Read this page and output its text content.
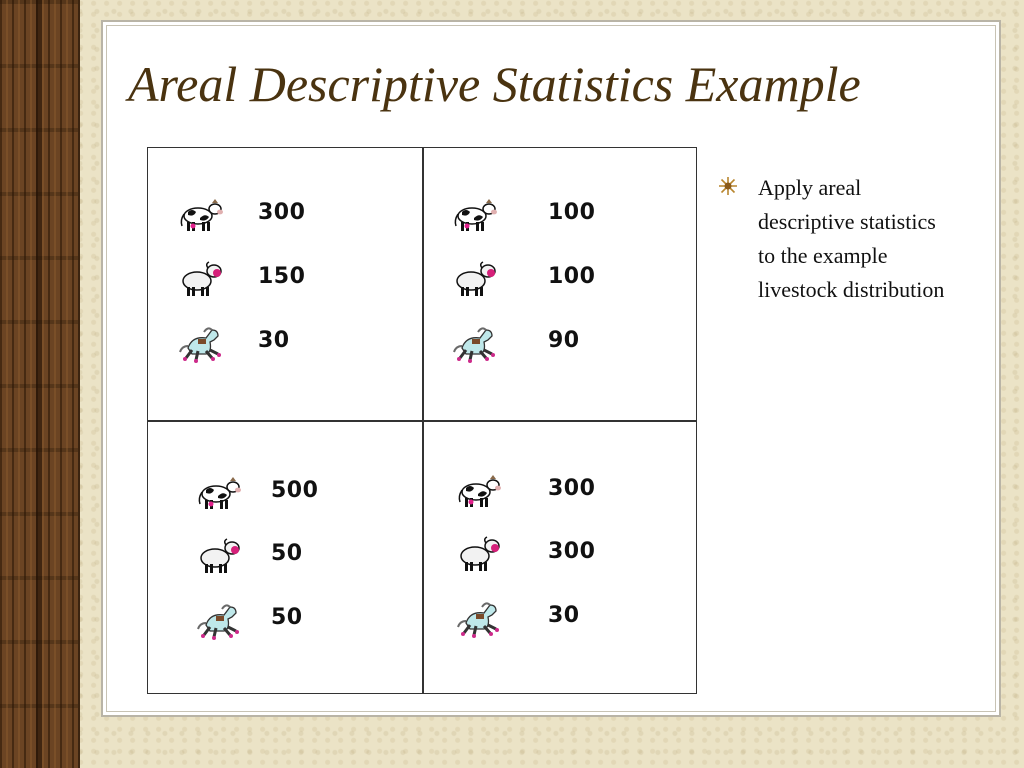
Areal Descriptive Statistics Example
300
150
30
100
100
90
500
50
50
300
300
30
Apply areal descriptive statistics to the example livestock distribution
